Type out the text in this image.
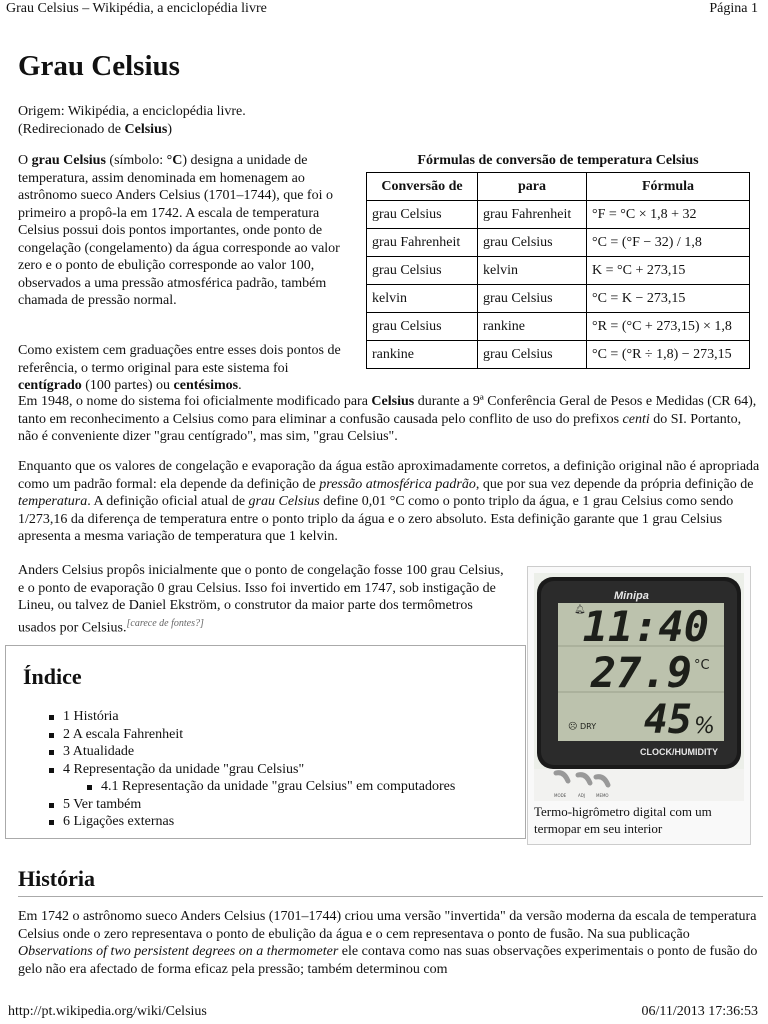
Grau Celsius – Wikipédia, a enciclopédia livre	Página 1
Grau Celsius
Origem: Wikipédia, a enciclopédia livre.
(Redirecionado de Celsius)
O grau Celsius (símbolo: °C) designa a unidade de temperatura, assim denominada em homenagem ao astrônomo sueco Anders Celsius (1701–1744), que foi o primeiro a propô-la em 1742. A escala de temperatura Celsius possui dois pontos importantes, onde ponto de congelação (congelamento) da água corresponde ao valor zero e o ponto de ebulição corresponde ao valor 100, observados a uma pressão atmosférica padrão, também chamada de pressão normal.
Como existem cem graduações entre esses dois pontos de referência, o termo original para este sistema foi centígrado (100 partes) ou centésimos.
Em 1948, o nome do sistema foi oficialmente modificado para Celsius durante a 9ª Conferência Geral de Pesos e Medidas (CR 64), tanto em reconhecimento a Celsius como para eliminar a confusão causada pelo conflito de uso do prefixos centi do SI. Portanto, não é conveniente dizer "grau centígrado", mas sim, "grau Celsius".
Enquanto que os valores de congelação e evaporação da água estão aproximadamente corretos, a definição original não é apropriada como um padrão formal: ela depende da definição de pressão atmosférica padrão, que por sua vez depende da própria definição de temperatura. A definição oficial atual de grau Celsius define 0,01 °C como o ponto triplo da água, e 1 grau Celsius como sendo 1/273,16 da diferença de temperatura entre o ponto triplo da água e o zero absoluto. Esta definição garante que 1 grau Celsius apresenta a mesma variação de temperatura que 1 kelvin.
Anders Celsius propôs inicialmente que o ponto de congelação fosse 100 grau Celsius, e o ponto de evaporação 0 grau Celsius. Isso foi invertido em 1747, sob instigação de Lineu, ou talvez de Daniel Ekström, o construtor da maior parte dos termômetros usados por Celsius.[carece de fontes?]
Fórmulas de conversão de temperatura Celsius
Conversão de	para	Fórmula
grau Celsius	grau Fahrenheit	°F = °C × 1,8 + 32
grau Fahrenheit	grau Celsius	°C = (°F − 32) / 1,8
grau Celsius	kelvin	K = °C + 273,15
kelvin	grau Celsius	°C = K − 273,15
grau Celsius	rankine	°R = (°C + 273,15) × 1,8
rankine	grau Celsius	°C = (°R ÷ 1,8) − 273,15
Minipa
🔔︎
11:40
27.9 °C
☹︎ DRY 45 %
CLOCK/HUMIDITY
MODE	ADJ	MEMO
Termo-higrômetro digital com um termopar em seu interior
Índice
1 História
2 A escala Fahrenheit
3 Atualidade
4 Representação da unidade "grau Celsius"
4.1 Representação da unidade "grau Celsius" em computadores
5 Ver também
6 Ligações externas
História
Em 1742 o astrônomo sueco Anders Celsius (1701–1744) criou uma versão "invertida" da versão moderna da escala de temperatura Celsius onde o zero representava o ponto de ebulição da água e o cem representava o ponto de fusão. Na sua publicação Observations of two persistent degrees on a thermometer ele contava como nas suas observações experimentais o ponto de fusão do gelo não era afectado de forma eficaz pela pressão; também determinou com
http://pt.wikipedia.org/wiki/Celsius	06/11/2013 17:36:53
